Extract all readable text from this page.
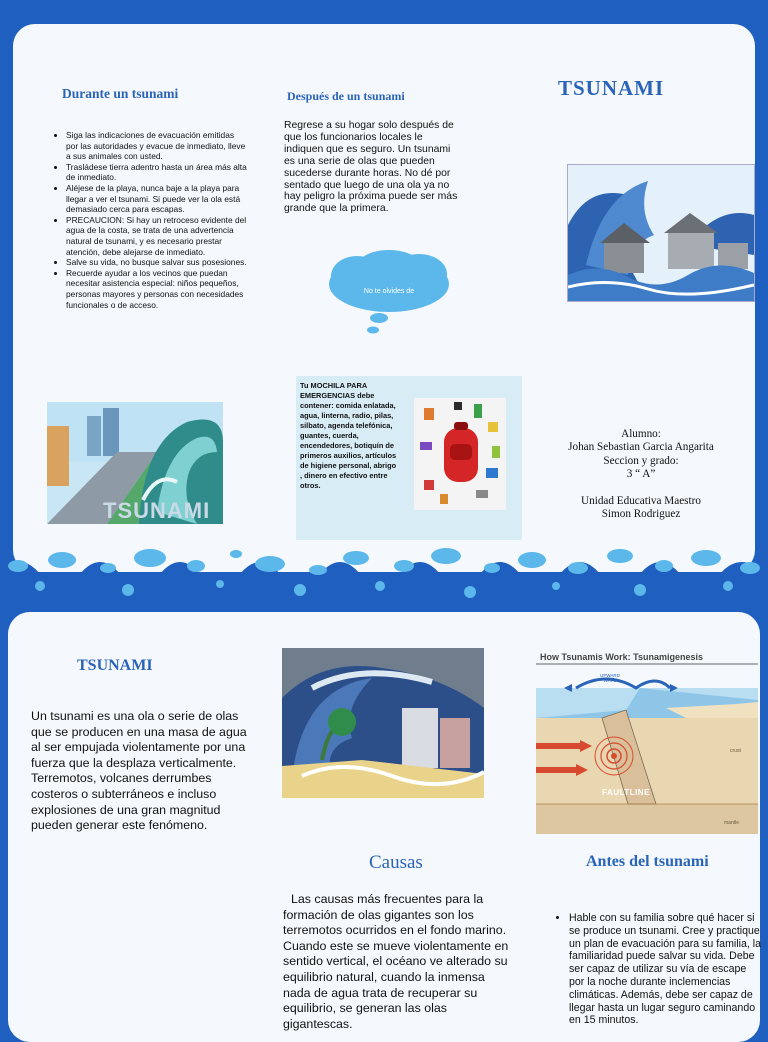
Durante un tsunami
• Siga las indicaciones de evacuación emitidas por las autoridades y evacue de inmediato, lleve a sus animales con usted.
• Trasládese tierra adentro hasta un área más alta de inmediato.
• Aléjese de la playa, nunca baje a la playa para llegar a ver el tsunami. Si puede ver la ola está demasiado cerca para escapas.
• PRECAUCION: Si hay un retroceso evidente del agua de la costa, se trata de una advertencia natural de tsunami, y es necesario prestar atención, debe alejarse de inmediato.
• Salve su vida, no busque salvar sus posesiones.
• Recuerde ayudar a los vecinos que puedan necesitar asistencia especial: niños pequeños, personas mayores y personas con necesidades funcionales o de acceso.
TSUNAMI
Después de un tsunami

Regrese a su hogar solo después de que los funcionarios locales le indiquen que es seguro. Un tsunami es una serie de olas que pueden sucederse durante horas. No dé por sentado que luego de una ola ya no hay peligro la próxima puede ser más grande que la primera.

No te olvides de

Tu MOCHILA PARA EMERGENCIAS debe contener: comida enlatada, agua, linterna, radio, pilas, silbato, agenda telefónica, guantes, cuerda, encendedores, botiquín de primeros auxilios, artículos de higiene personal, abrigo , dinero en efectivo entre otros.

TSUNAMI
Alumno:
Johan Sebastian Garcia Angarita
Seccion y grado:
3 “ A”
Unidad Educativa Maestro
Simon Rodriguez
TSUNAMI

Un tsunami es una ola o serie de olas que se producen en una masa de agua al ser empujada violentamente por una fuerza que la desplaza verticalmente. Terremotos, volcanes derrumbes costeros o subterráneos e incluso explosiones de una gran magnitud pueden generar este fenómeno.

Causas

Las causas más frecuentes para la formación de olas gigantes son los terremotos ocurridos en el fondo marino. Cuando este se mueve violentamente en sentido vertical, el océano ve alterado su equilibrio natural, cuando la inmensa nada de agua trata de recuperar su equilibrio, se generan las olas gigantescas.

How Tsunamis Work: Tsunamigenesis
UPWARD WAVE
FAULTLINE
crust
mantle
Antes del tsunami
• Hable con su familia sobre qué hacer si se produce un tsunami. Cree y practique un plan de evacuación para su familia, la familiaridad puede salvar su vida. Debe ser capaz de utilizar su vía de escape por la noche durante inclemencias climáticas. Además, debe ser capaz de llegar hasta un lugar seguro caminando en 15 minutos.
